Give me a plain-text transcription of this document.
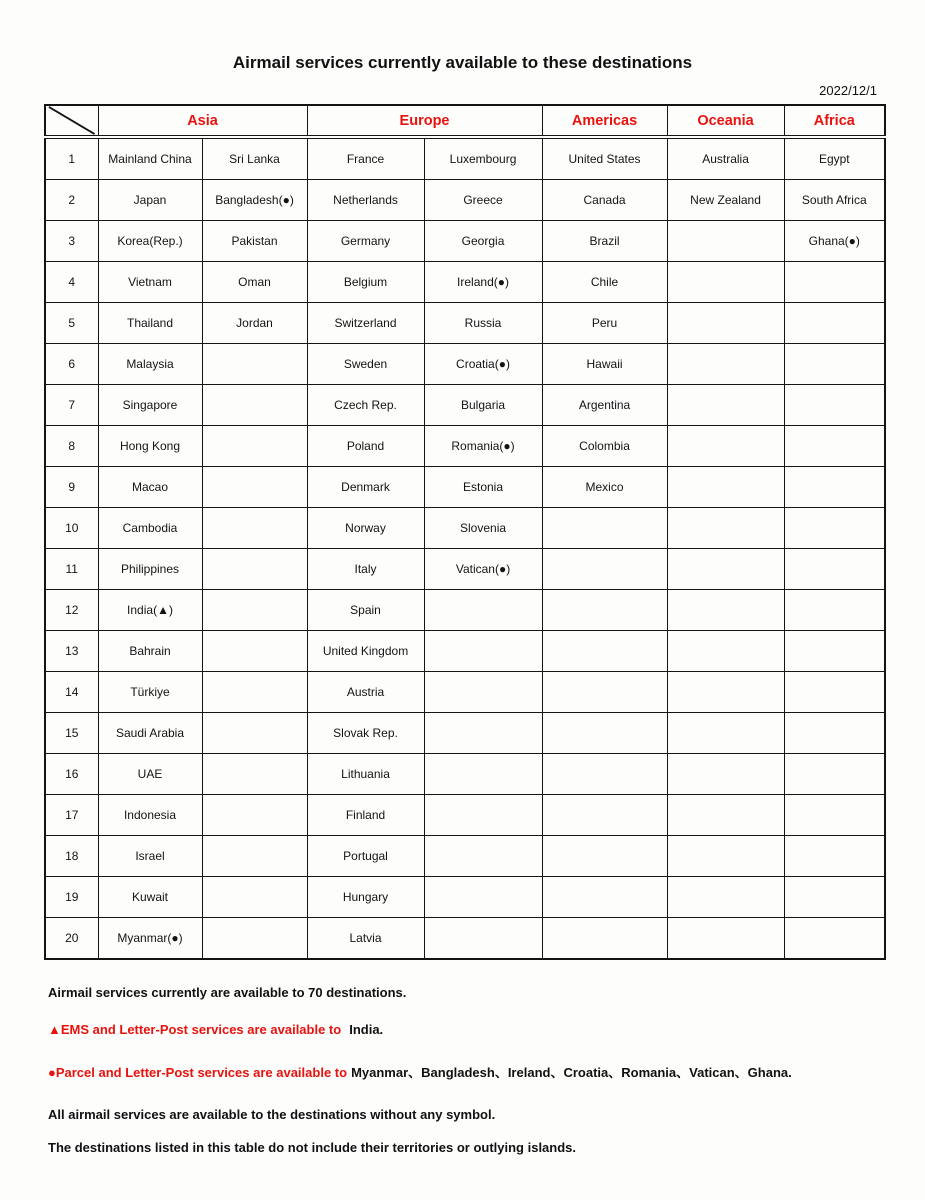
Airmail services currently available to these destinations
2022/12/1
	Asia		Europe		Americas	Oceania	Africa
1	Mainland China	Sri Lanka	France	Luxembourg	United States	Australia	Egypt
2	Japan	Bangladesh(●)	Netherlands	Greece	Canada	New Zealand	South Africa
3	Korea(Rep.)	Pakistan	Germany	Georgia	Brazil		Ghana(●)
4	Vietnam	Oman	Belgium	Ireland(●)	Chile		
5	Thailand	Jordan	Switzerland	Russia	Peru		
6	Malaysia		Sweden	Croatia(●)	Hawaii		
7	Singapore		Czech Rep.	Bulgaria	Argentina		
8	Hong Kong		Poland	Romania(●)	Colombia		
9	Macao		Denmark	Estonia	Mexico		
10	Cambodia		Norway	Slovenia			
11	Philippines		Italy	Vatican(●)			
12	India(▲)		Spain				
13	Bahrain		United Kingdom				
14	Türkiye		Austria				
15	Saudi Arabia		Slovak Rep.				
16	UAE		Lithuania				
17	Indonesia		Finland				
18	Israel		Portugal				
19	Kuwait		Hungary				
20	Myanmar(●)		Latvia				

Airmail services currently are available to 70 destinations.

▲EMS and Letter-Post services are available to India.

●Parcel and Letter-Post services are available to Myanmar、Bangladesh、Ireland、Croatia、Romania、Vatican、Ghana.

All airmail services are available to the destinations without any symbol.

The destinations listed in this table do not include their territories or outlying islands.
